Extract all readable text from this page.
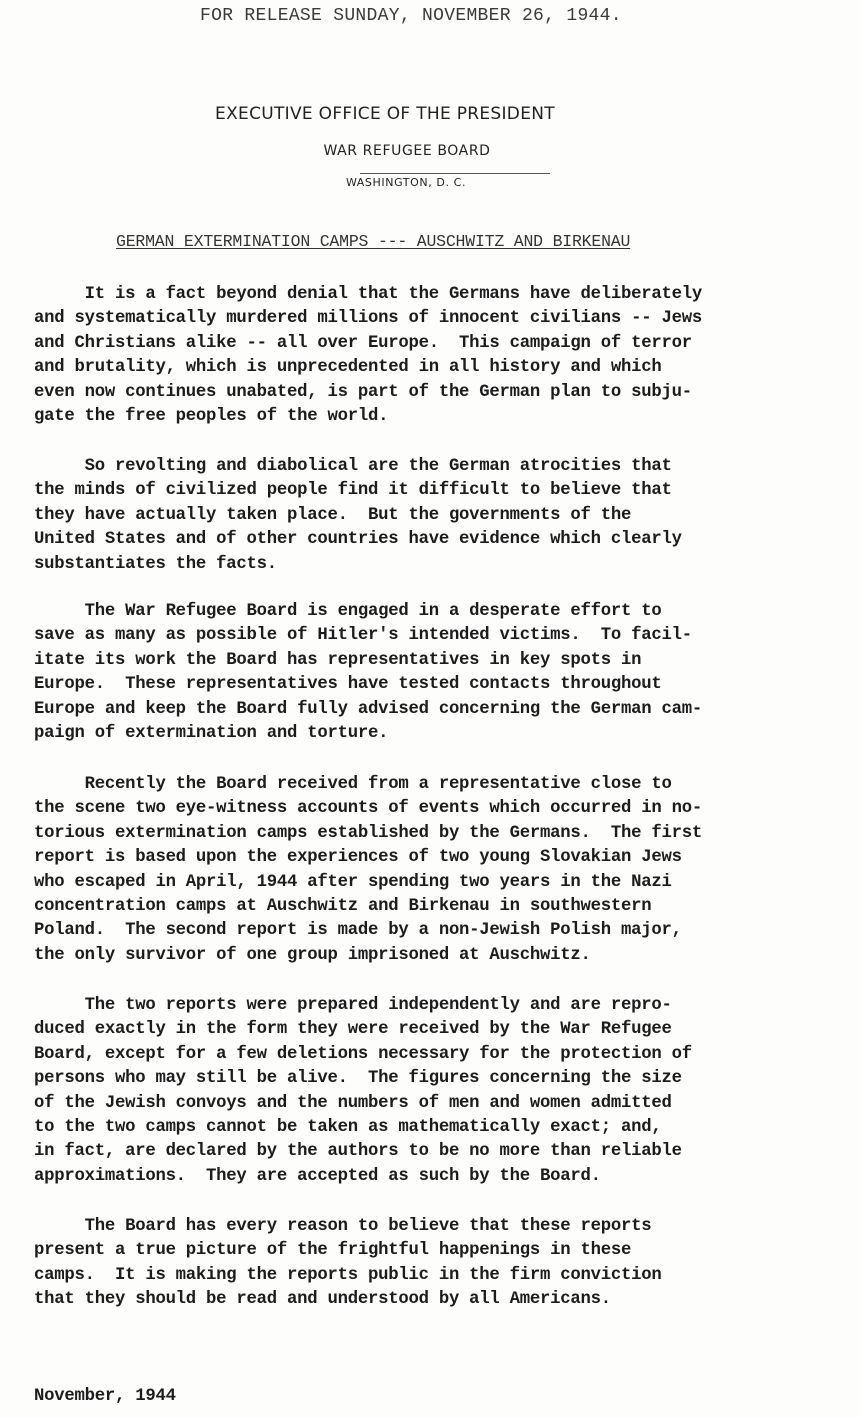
FOR RELEASE SUNDAY, NOVEMBER 26, 1944.
EXECUTIVE OFFICE OF THE PRESIDENT
WAR REFUGEE BOARD
WASHINGTON, D. C.
GERMAN EXTERMINATION CAMPS --- AUSCHWITZ AND BIRKENAU
It is a fact beyond denial that the Germans have deliberately
and systematically murdered millions of innocent civilians -- Jews
and Christians alike -- all over Europe.  This campaign of terror
and brutality, which is unprecedented in all history and which
even now continues unabated, is part of the German plan to subju-
gate the free peoples of the world.
So revolting and diabolical are the German atrocities that
the minds of civilized people find it difficult to believe that
they have actually taken place.  But the governments of the
United States and of other countries have evidence which clearly
substantiates the facts.
The War Refugee Board is engaged in a desperate effort to
save as many as possible of Hitler's intended victims.  To facil-
itate its work the Board has representatives in key spots in
Europe.  These representatives have tested contacts throughout
Europe and keep the Board fully advised concerning the German cam-
paign of extermination and torture.
Recently the Board received from a representative close to
the scene two eye-witness accounts of events which occurred in no-
torious extermination camps established by the Germans.  The first
report is based upon the experiences of two young Slovakian Jews
who escaped in April, 1944 after spending two years in the Nazi
concentration camps at Auschwitz and Birkenau in southwestern
Poland.  The second report is made by a non-Jewish Polish major,
the only survivor of one group imprisoned at Auschwitz.
The two reports were prepared independently and are repro-
duced exactly in the form they were received by the War Refugee
Board, except for a few deletions necessary for the protection of
persons who may still be alive.  The figures concerning the size
of the Jewish convoys and the numbers of men and women admitted
to the two camps cannot be taken as mathematically exact; and,
in fact, are declared by the authors to be no more than reliable
approximations.  They are accepted as such by the Board.
The Board has every reason to believe that these reports
present a true picture of the frightful happenings in these
camps.  It is making the reports public in the firm conviction
that they should be read and understood by all Americans.
November, 1944
